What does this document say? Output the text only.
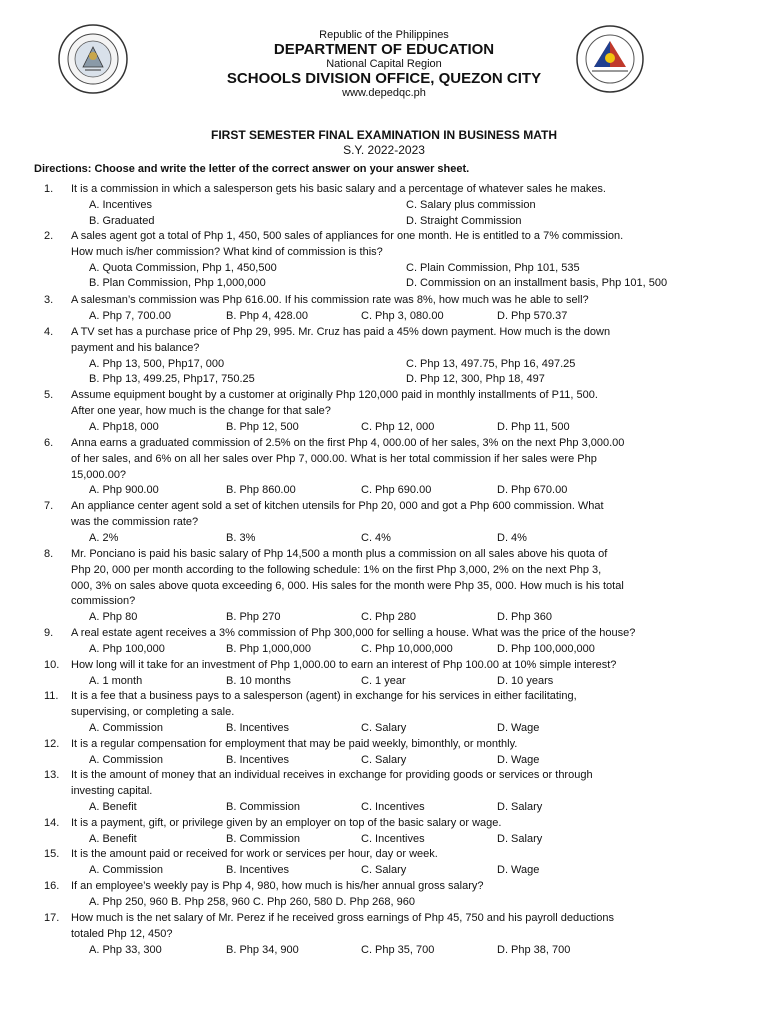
Republic of the Philippines
DEPARTMENT OF EDUCATION
National Capital Region
SCHOOLS DIVISION OFFICE, QUEZON CITY
www.depedqc.ph
FIRST SEMESTER FINAL EXAMINATION IN BUSINESS MATH
S.Y. 2022-2023
Directions: Choose and write the letter of the correct answer on your answer sheet.
1. It is a commission in which a salesperson gets his basic salary and a percentage of whatever sales he makes.
A. Incentives	C. Salary plus commission
B. Graduated	D. Straight Commission
2. A sales agent got a total of Php 1, 450, 500 sales of appliances for one month. He is entitled to a 7% commission.
How much is/her commission? What kind of commission is this?
A. Quota Commission, Php 1, 450,500	C. Plain Commission, Php 101, 535
B. Plan Commission, Php 1,000,000	D. Commission on an installment basis, Php 101, 500
3. A salesman’s commission was Php 616.00. If his commission rate was 8%, how much was he able to sell?
A. Php 7, 700.00	B. Php 4, 428.00	C. Php 3, 080.00	D. Php 570.37
4. A TV set has a purchase price of Php 29, 995. Mr. Cruz has paid a 45% down payment. How much is the down
payment and his balance?
A. Php 13, 500, Php17, 000	C. Php 13, 497.75, Php 16, 497.25
B. Php 13, 499.25, Php17, 750.25	D. Php 12, 300, Php 18, 497
5. Assume equipment bought by a customer at originally Php 120,000 paid in monthly installments of P11, 500.
After one year, how much is the change for that sale?
A. Php18, 000	B. Php 12, 500	C. Php 12, 000	D. Php 11, 500
6. Anna earns a graduated commission of 2.5% on the first Php 4, 000.00 of her sales, 3% on the next Php 3,000.00
of her sales, and 6% on all her sales over Php 7, 000.00. What is her total commission if her sales were Php
15,000.00?
A. Php 900.00	B. Php 860.00	C. Php 690.00	D. Php 670.00
7. An appliance center agent sold a set of kitchen utensils for Php 20, 000 and got a Php 600 commission. What
was the commission rate?
A. 2%	B. 3%	C. 4%	D. 4%
8. Mr. Ponciano is paid his basic salary of Php 14,500 a month plus a commission on all sales above his quota of
Php 20, 000 per month according to the following schedule: 1% on the first Php 3,000, 2% on the next Php 3,
000, 3% on sales above quota exceeding 6, 000. His sales for the month were Php 35, 000. How much is his total
commission?
A. Php 80	B. Php 270	C. Php 280	D. Php 360
9. A real estate agent receives a 3% commission of Php 300,000 for selling a house. What was the price of the house?
A. Php 100,000	B. Php 1,000,000	C. Php 10,000,000	D. Php 100,000,000
10. How long will it take for an investment of Php 1,000.00 to earn an interest of Php 100.00 at 10% simple interest?
A. 1 month	B. 10 months	C. 1 year	D. 10 years
11. It is a fee that a business pays to a salesperson (agent) in exchange for his services in either facilitating,
supervising, or completing a sale.
A. Commission	B. Incentives	C. Salary	D. Wage
12. It is a regular compensation for employment that may be paid weekly, bimonthly, or monthly.
A. Commission	B. Incentives	C. Salary	D. Wage
13. It is the amount of money that an individual receives in exchange for providing goods or services or through
investing capital.
A. Benefit	B. Commission	C. Incentives	D. Salary
14. It is a payment, gift, or privilege given by an employer on top of the basic salary or wage.
A. Benefit	B. Commission	C. Incentives	D. Salary
15. It is the amount paid or received for work or services per hour, day or week.
A. Commission	B. Incentives	C. Salary	D. Wage
16. If an employee’s weekly pay is Php 4, 980, how much is his/her annual gross salary?
A. Php 250, 960 B. Php 258, 960 C. Php 260, 580 D. Php 268, 960
17. How much is the net salary of Mr. Perez if he received gross earnings of Php 45, 750 and his payroll deductions
totaled Php 12, 450?
A. Php 33, 300	B. Php 34, 900	C. Php 35, 700	D. Php 38, 700
